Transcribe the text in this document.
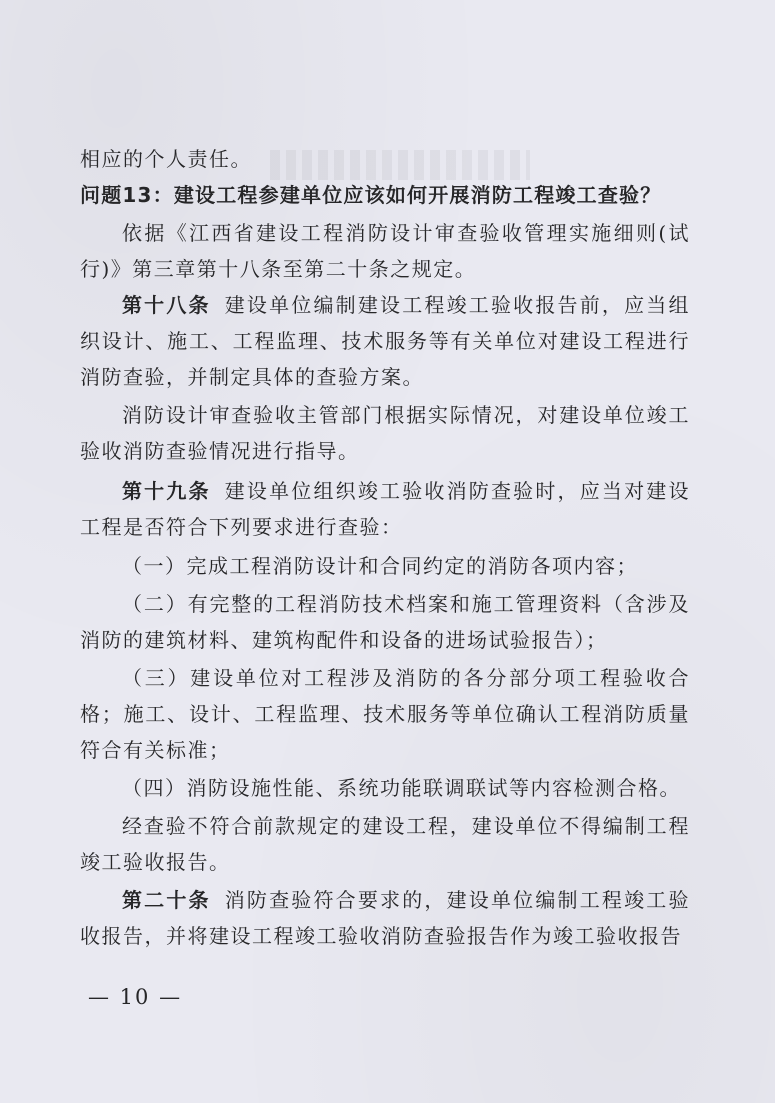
相应的个人责任。

问题13：建设工程参建单位应该如何开展消防工程竣工查验？

依据《江西省建设工程消防设计审查验收管理实施细则(试行)》第三章第十八条至第二十条之规定。

第十八条 建设单位编制建设工程竣工验收报告前，应当组织设计、施工、工程监理、技术服务等有关单位对建设工程进行消防查验，并制定具体的查验方案。

消防设计审查验收主管部门根据实际情况，对建设单位竣工验收消防查验情况进行指导。

第十九条 建设单位组织竣工验收消防查验时，应当对建设工程是否符合下列要求进行查验：

（一）完成工程消防设计和合同约定的消防各项内容；

（二）有完整的工程消防技术档案和施工管理资料（含涉及消防的建筑材料、建筑构配件和设备的进场试验报告）；

（三）建设单位对工程涉及消防的各分部分项工程验收合格；施工、设计、工程监理、技术服务等单位确认工程消防质量符合有关标准；

（四）消防设施性能、系统功能联调联试等内容检测合格。

经查验不符合前款规定的建设工程，建设单位不得编制工程竣工验收报告。

第二十条 消防查验符合要求的，建设单位编制工程竣工验收报告，并将建设工程竣工验收消防查验报告作为竣工验收报告

— 10 —
